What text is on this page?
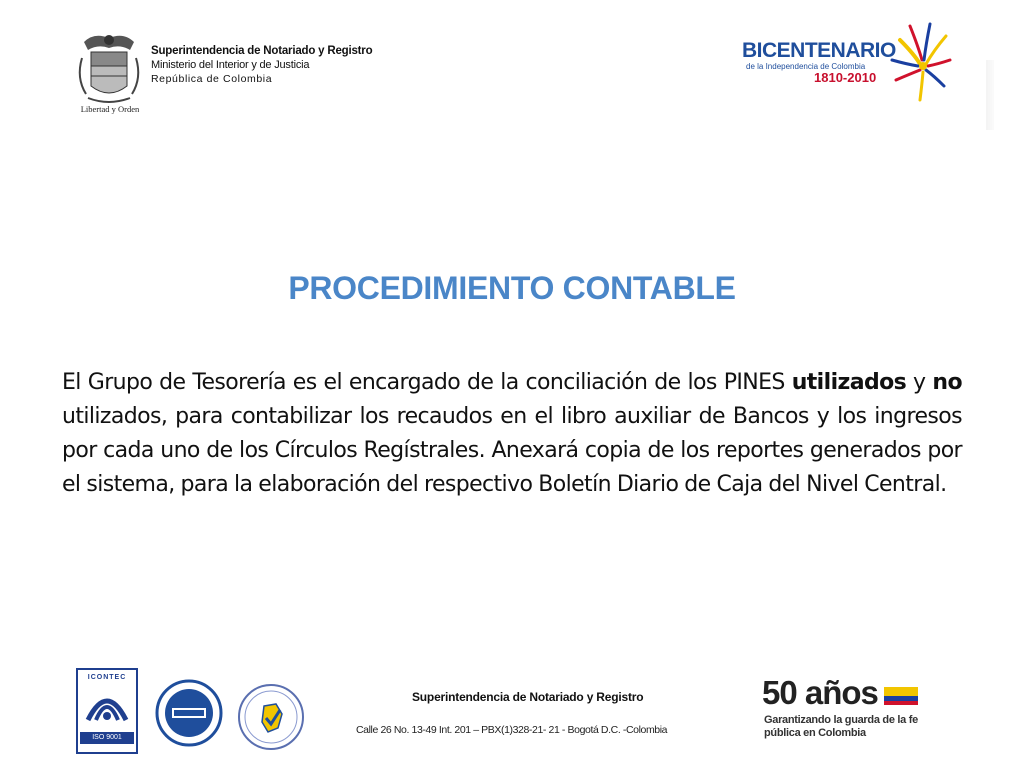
Libertad y Orden
Superintendencia de Notariado y Registro
Ministerio del Interior y de Justicia
República de Colombia
BICENTENARIO
de la Independencia de Colombia
1810-2010
PROCEDIMIENTO CONTABLE
El Grupo de Tesorería es el encargado de la conciliación de los PINES utilizados y no utilizados, para contabilizar los recaudos en el libro auxiliar de Bancos y los ingresos por cada uno de los Círculos Regístrales. Anexará copia de los reportes generados por el sistema, para la elaboración del respectivo Boletín Diario de Caja del Nivel Central.
ICONTEC
ISO 9001
Superintendencia de Notariado y Registro
Calle 26 No. 13-49 Int. 201 – PBX(1)328-21- 21 - Bogotá D.C. -Colombia
50 años
Garantizando la guarda de la fe pública en Colombia
